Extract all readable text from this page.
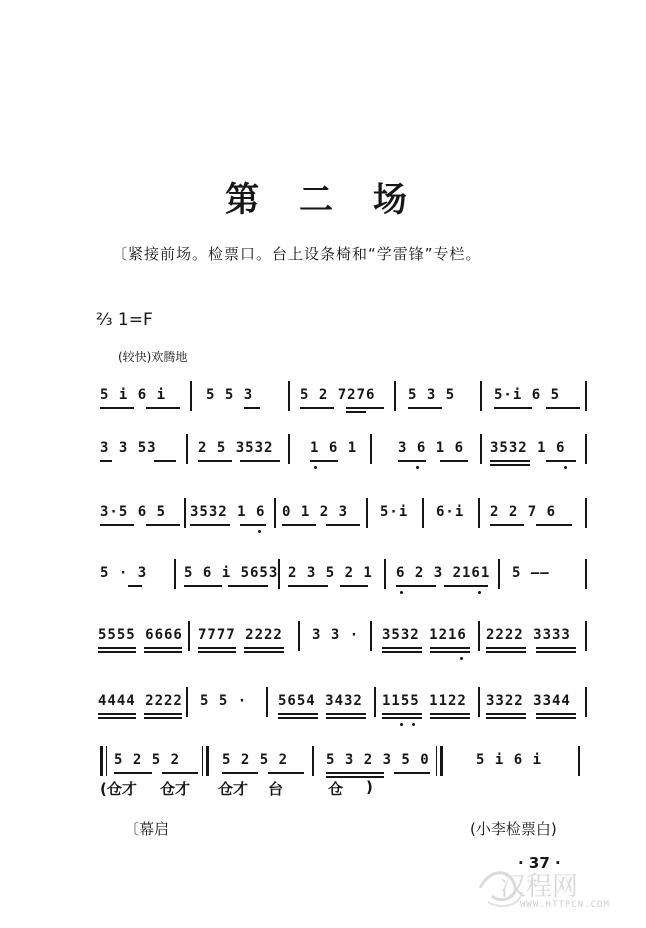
第 二 场
〔紧接前场。检票口。台上设条椅和“学雷锋”专栏。
⅔ 1=F
(较快)欢腾地
5 i 6 i	5 5 3	5 2 7276 5 3 5	5·i 6 5
3 3 53	2 5 3532	1 6 1	3 6 1 6 3532 1 6
3·5 6 5 3532 1 6 0 1 2 3 5·i 6·i 2 2 7 6
5 · 3	5 6 i 5653 2 3 5 2 1 6 2 3 2161 5 ——
5555 6666 7777 2222 3 3 · 3532 1216 2222 3333
4444 2222 5 5 · 5654 3432 1155 1122 3322 3344
5 2 5 2	5 2 5 2	5 3 2 3 5 0	5 i 6 i
(仓才 仓才 仓才 台	仓 )
〔幕启	(小李检票白)
· 37 ·
汉程网
WWW.HTTPCN.COM
